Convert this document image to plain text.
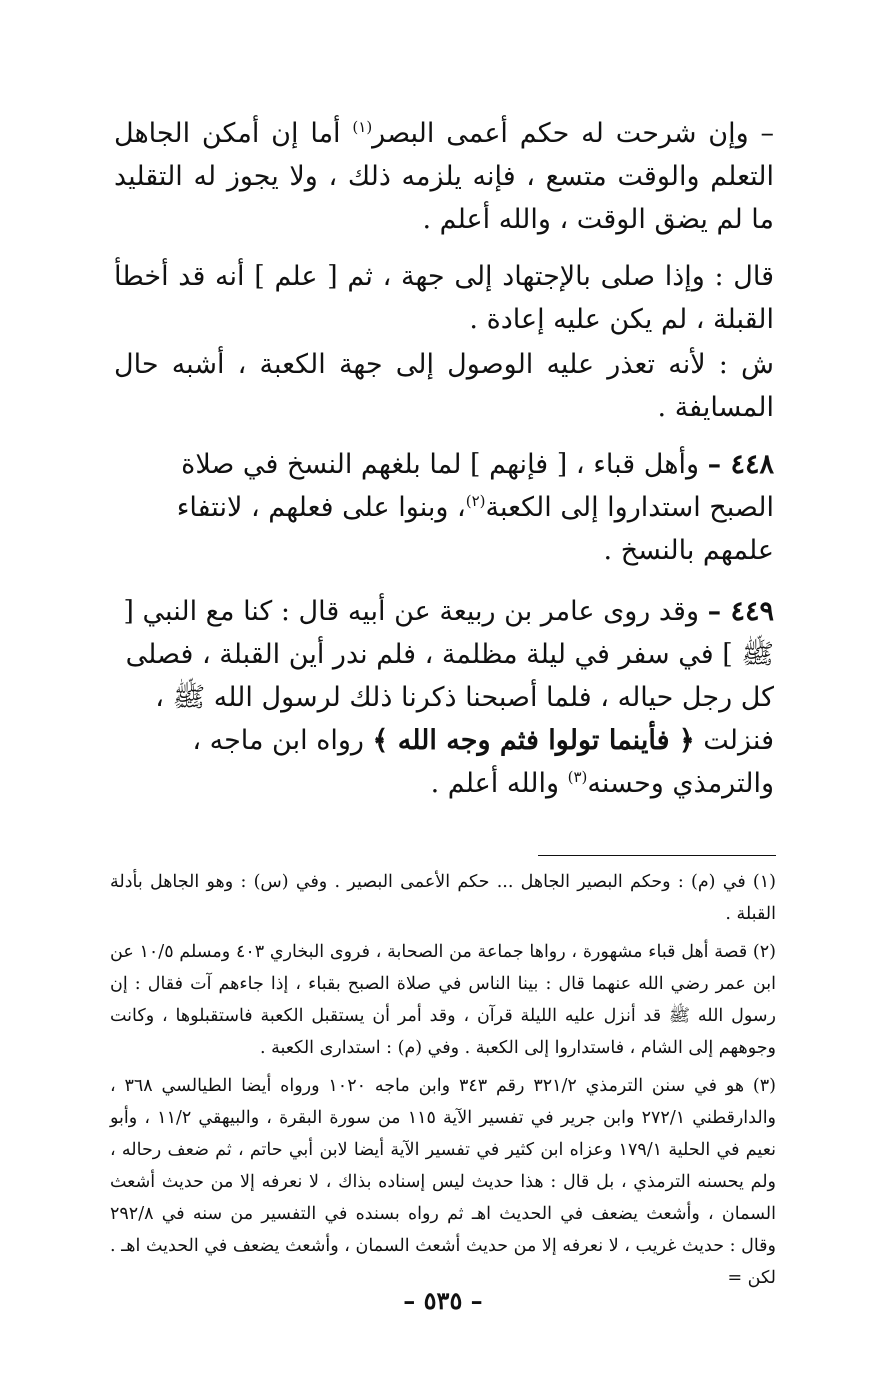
– وإن شرحت له حكم أعمى البصر$^{(١)}$ أما إن أمكن الجاهل التعلم والوقت متسع ، فإنه يلزمه ذلك ، ولا يجوز له التقليد ما لم يضق الوقت ، والله أعلم .

قال : وإذا صلى بالإجتهاد إلى جهة ، ثم [ علم ] أنه قد أخطأ القبلة ، لم يكن عليه إعادة .

ش : لأنه تعذر عليه الوصول إلى جهة الكعبة ، أشبه حال المسايفة .

٤٤٨ – وأهل قباء ، [ فإنهم ] لما بلغهم النسخ في صلاة الصبح استداروا إلى الكعبة$^{(٢)}$، وبنوا على فعلهم ، لانتفاء علمهم بالنسخ .
٤٤٩ – وقد روى عامر بن ربيعة عن أبيه قال : كنا مع النبي [ ﷺ ] في سفر في ليلة مظلمة ، فلم ندر أين القبلة ، فصلى كل رجل حياله ، فلما أصبحنا ذكرنا ذلك لرسول الله ﷺ ، فنزلت ﴿ فأينما تولوا فثم وجه الله ﴾ رواه ابن ماجه ، والترمذي وحسنه$^{(٣)}$ والله أعلم .

(١) في (م) : وحكم البصير الجاهل ... حكم الأعمى البصير . وفي (س) : وهو الجاهل بأدلة القبلة .

(٢) قصة أهل قباء مشهورة ، رواها جماعة من الصحابة ، فروى البخاري ٤٠٣ ومسلم ١٠/٥ عن ابن عمر رضي الله عنهما قال : بينا الناس في صلاة الصبح بقباء ، إذا جاءهم آت فقال : إن رسول الله ﷺ قد أنزل عليه الليلة قرآن ، وقد أمر أن يستقبل الكعبة فاستقبلوها ، وكانت وجوههم إلى الشام ، فاستداروا إلى الكعبة . وفي (م) : استدارى الكعبة .

(٣) هو في سنن الترمذي ٣٢١/٢ رقم ٣٤٣ وابن ماجه ١٠٢٠ ورواه أيضا الطيالسي ٣٦٨ ، والدارقطني ٢٧٢/١ وابن جرير في تفسير الآية ١١٥ من سورة البقرة ، والبيهقي ١١/٢ ، وأبو نعيم في الحلية ١٧٩/١ وعزاه ابن كثير في تفسير الآية أيضا لابن أبي حاتم ، ثم ضعف رحاله ، ولم يحسنه الترمذي ، بل قال : هذا حديث ليس إسناده بذاك ، لا نعرفه إلا من حديث أشعث السمان ، وأشعث يضعف في الحديث اهـ ثم رواه بسنده في التفسير من سنه في ٢٩٢/٨ وقال : حديث غريب ، لا نعرفه إلا من حديث أشعث السمان ، وأشعث يضعف في الحديث اهـ . لكن =

– ٥٣٥ –
